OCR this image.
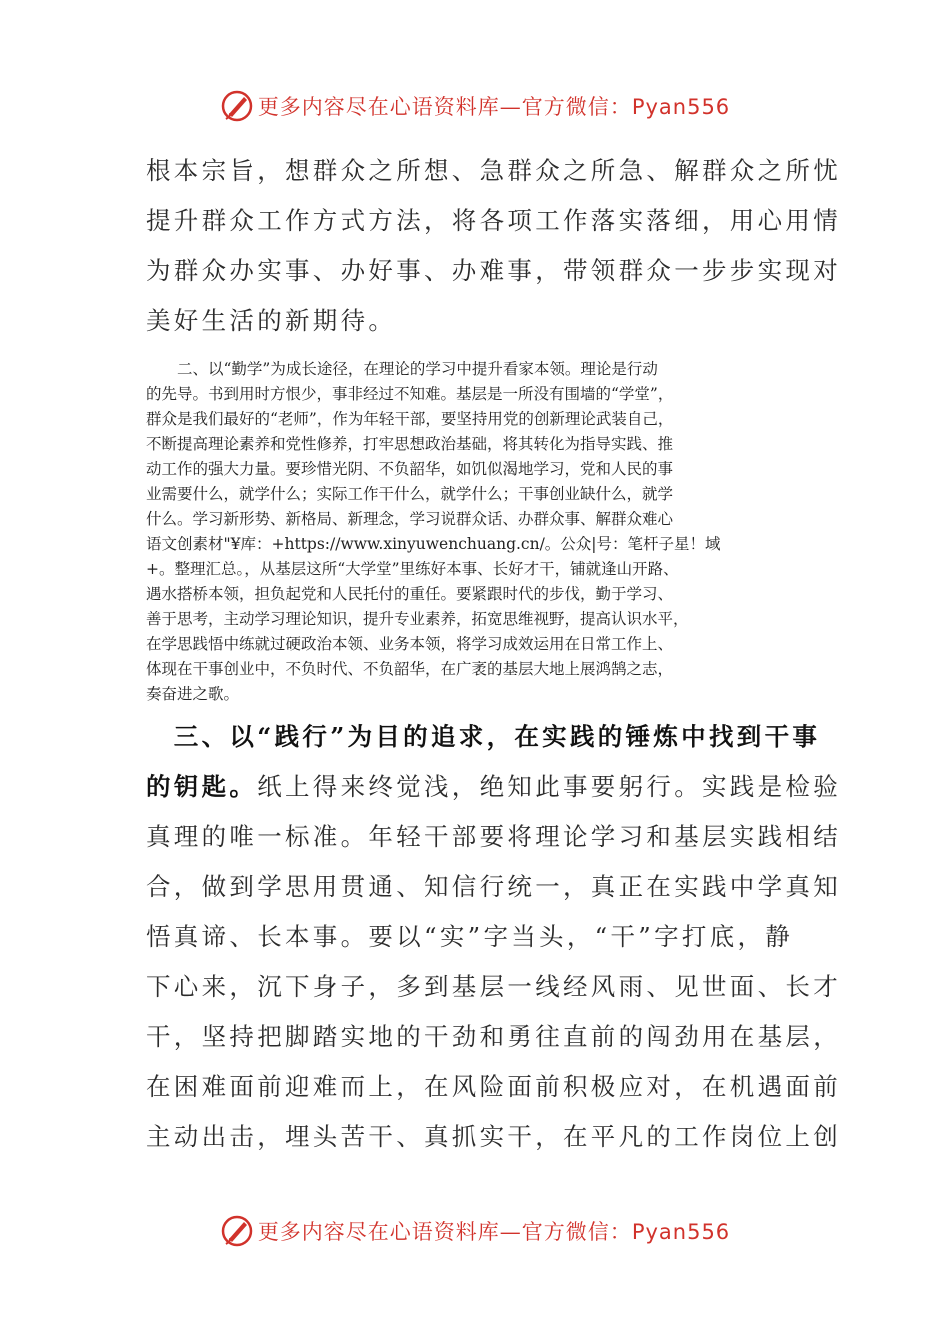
更多内容尽在心语资料库—官方微信：Pyan556
根本宗旨，想群众之所想、急群众之所急、解群众之所忧
提升群众工作方式方法，将各项工作落实落细，用心用情
为群众办实事、办好事、办难事，带领群众一步步实现对
美好生活的新期待。
　　二、以“勤学”为成长途径，在理论的学习中提升看家本领。理论是行动
的先导。书到用时方恨少，事非经过不知难。基层是一所没有围墙的“学堂”，
群众是我们最好的“老师”，作为年轻干部，要坚持用党的创新理论武装自己，
不断提高理论素养和党性修养，打牢思想政治基础，将其转化为指导实践、推
动工作的强大力量。要珍惜光阴、不负韶华，如饥似渴地学习，党和人民的事
业需要什么，就学什么；实际工作干什么，就学什么；干事创业缺什么，就学
什么。学习新形势、新格局、新理念，学习说群众话、办群众事、解群众难心
语文创素材"¥库：+https://www.xinyuwenchuang.cn/。公众|号：笔杆子星！域
+。整理汇总。，从基层这所“大学堂”里练好本事、长好才干，铺就逢山开路、
遇水搭桥本领，担负起党和人民托付的重任。要紧跟时代的步伐，勤于学习、
善于思考，主动学习理论知识，提升专业素养，拓宽思维视野，提高认识水平，
在学思践悟中练就过硬政治本领、业务本领，将学习成效运用在日常工作上、
体现在干事创业中，不负时代、不负韶华，在广袤的基层大地上展鸿鹄之志，
奏奋进之歌。
　三、以“践行”为目的追求，在实践的锤炼中找到干事
的钥匙。纸上得来终觉浅，绝知此事要躬行。实践是检验
真理的唯一标准。年轻干部要将理论学习和基层实践相结
合，做到学思用贯通、知信行统一，真正在实践中学真知
悟真谛、长本事。要以“实”字当头，“干”字打底，静
下心来，沉下身子，多到基层一线经风雨、见世面、长才
干，坚持把脚踏实地的干劲和勇往直前的闯劲用在基层，
在困难面前迎难而上，在风险面前积极应对，在机遇面前
主动出击，埋头苦干、真抓实干，在平凡的工作岗位上创
更多内容尽在心语资料库—官方微信：Pyan556
